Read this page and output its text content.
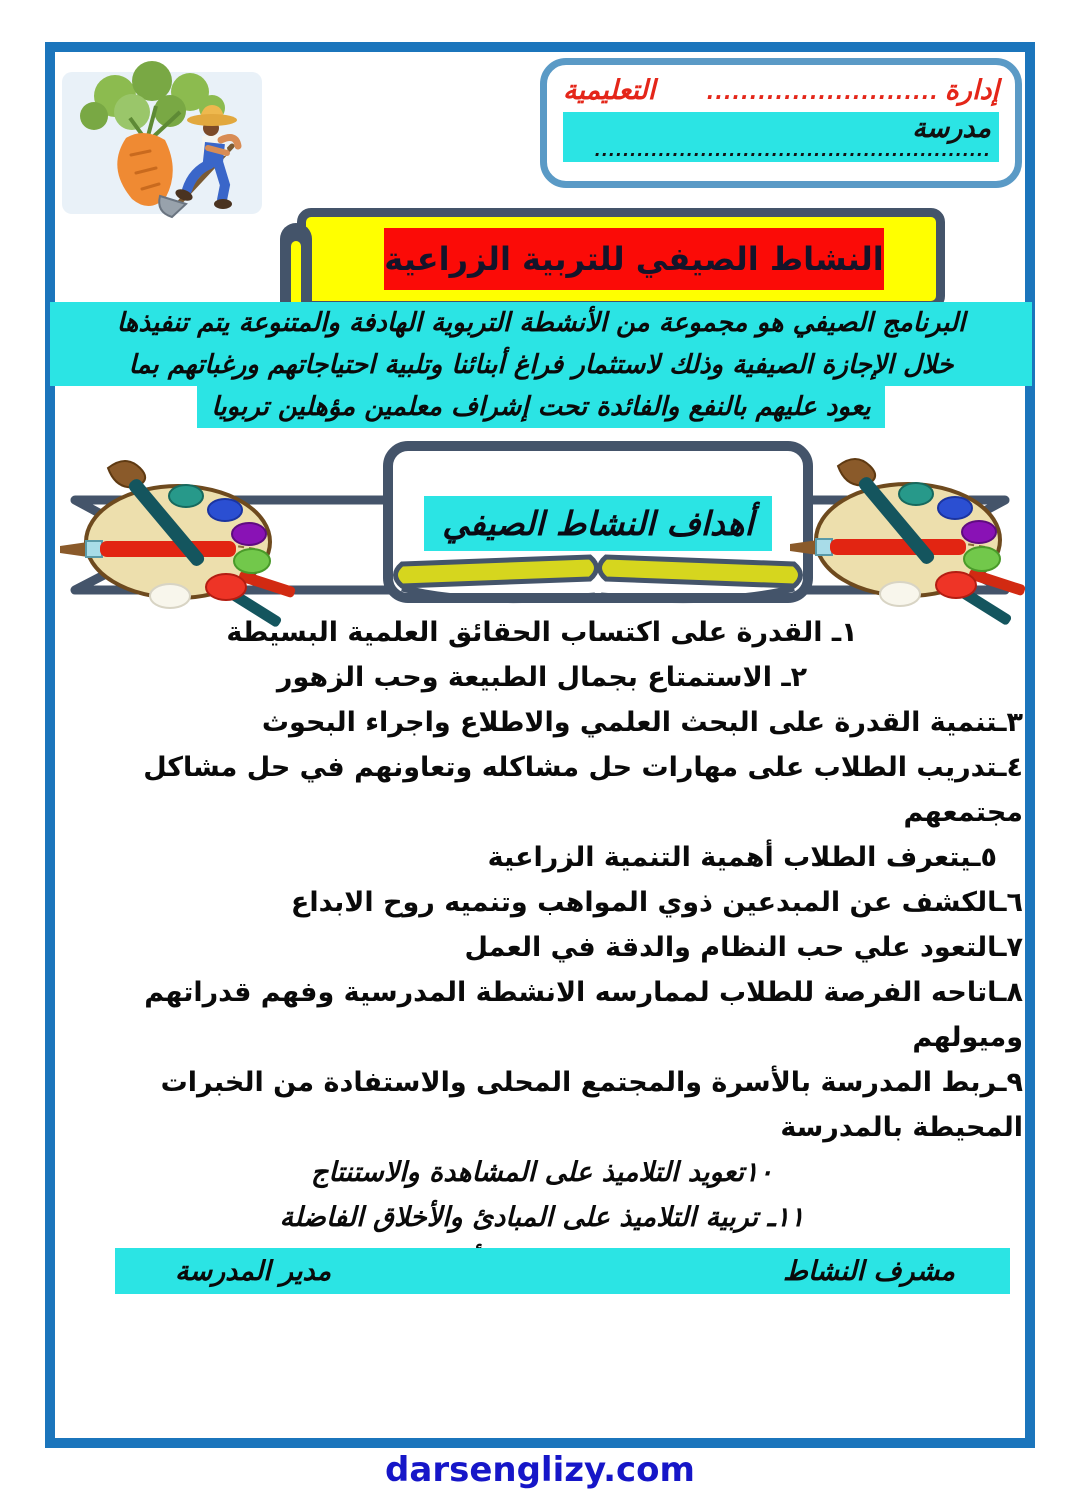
إدارة
...........................
التعليمية
مدرسة
........................................................
النشاط الصيفي للتربية الزراعية
البرنامج الصيفي هو مجموعة من الأنشطة التربوية الهادفة والمتنوعة يتم تنفيذها
خلال الإجازة الصيفية وذلك لاستثمار فراغ أبنائنا وتلبية احتياجاتهم ورغباتهم بما
يعود عليهم بالنفع والفائدة تحت إشراف معلمين مؤهلين تربويا
أهداف النشاط الصيفي
١ـ القدرة على اكتساب الحقائق العلمية البسيطة
٢ـ الاستمتاع بجمال الطبيعة وحب الزهور
٣ـتنمية القدرة على البحث العلمي والاطلاع واجراء البحوث
٤ـتدريب الطلاب على مهارات حل مشاكله وتعاونهم في حل مشاكل مجتمعهم
٥ـيتعرف الطلاب أهمية التنمية الزراعية
٦ـالكشف عن المبدعين ذوي المواهب وتنميه روح الابداع
٧ـالتعود علي حب النظام والدقة في العمل
٨ـاتاحه الفرصة للطلاب لممارسه الانشطة المدرسية وفهم قدراتهم وميولهم
٩ـربط المدرسة بالأسرة والمجتمع المحلى والاستفادة من الخبرات المحيطة بالمدرسة
١٠تعويد التلاميذ على المشاهدة والاستنتاج
١١ـ تربية التلاميذ على المبادئ والأخلاق الفاضلة
مشرف النشاط
مدير المدرسة
darsenglizy.com
